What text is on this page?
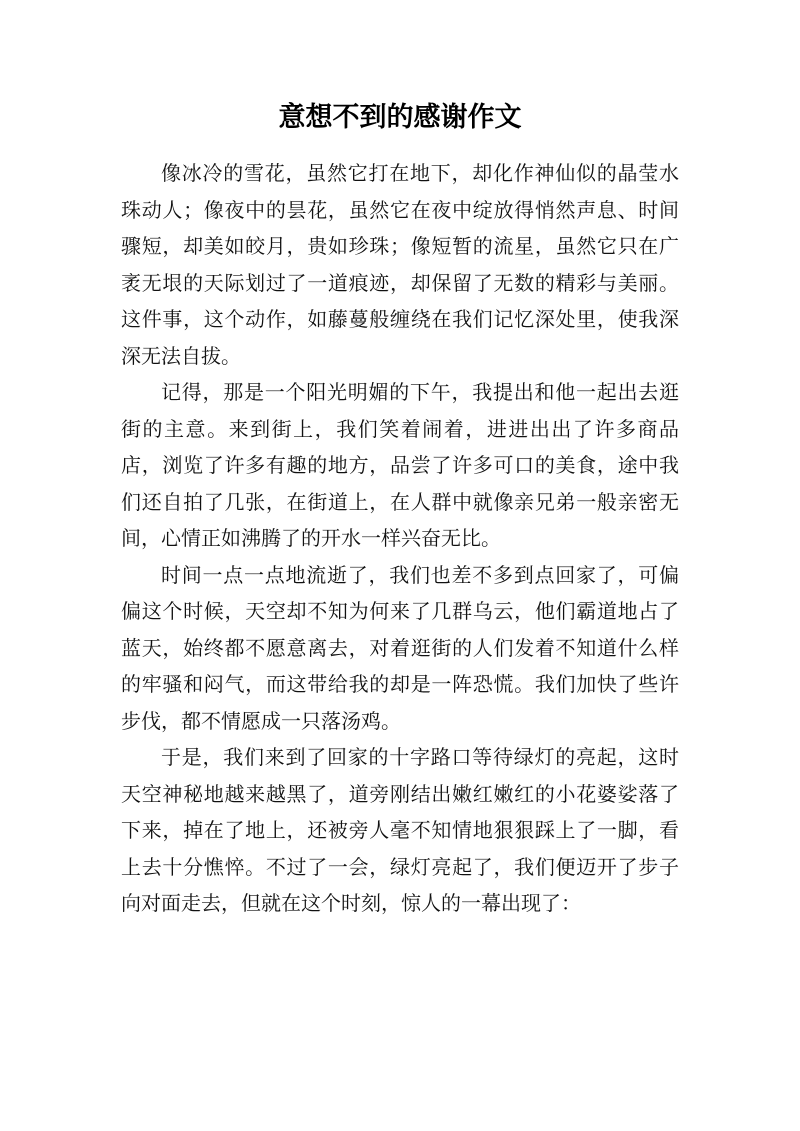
意想不到的感谢作文

像冰冷的雪花，虽然它打在地下，却化作神仙似的晶莹水珠动人；像夜中的昙花，虽然它在夜中绽放得悄然声息、时间骤短，却美如皎月，贵如珍珠；像短暂的流星，虽然它只在广袤无垠的天际划过了一道痕迹，却保留了无数的精彩与美丽。这件事，这个动作，如藤蔓般缠绕在我们记忆深处里，使我深深无法自拔。

记得，那是一个阳光明媚的下午，我提出和他一起出去逛街的主意。来到街上，我们笑着闹着，进进出出了许多商品店，浏览了许多有趣的地方，品尝了许多可口的美食，途中我们还自拍了几张，在街道上，在人群中就像亲兄弟一般亲密无间，心情正如沸腾了的开水一样兴奋无比。

时间一点一点地流逝了，我们也差不多到点回家了，可偏偏这个时候，天空却不知为何来了几群乌云，他们霸道地占了蓝天，始终都不愿意离去，对着逛街的人们发着不知道什么样的牢骚和闷气，而这带给我的却是一阵恐慌。我们加快了些许步伐，都不情愿成一只落汤鸡。

于是，我们来到了回家的十字路口等待绿灯的亮起，这时天空神秘地越来越黑了，道旁刚结出嫩红嫩红的小花婆娑落了下来，掉在了地上，还被旁人毫不知情地狠狠踩上了一脚，看上去十分憔悴。不过了一会，绿灯亮起了，我们便迈开了步子向对面走去，但就在这个时刻，惊人的一幕出现了：
